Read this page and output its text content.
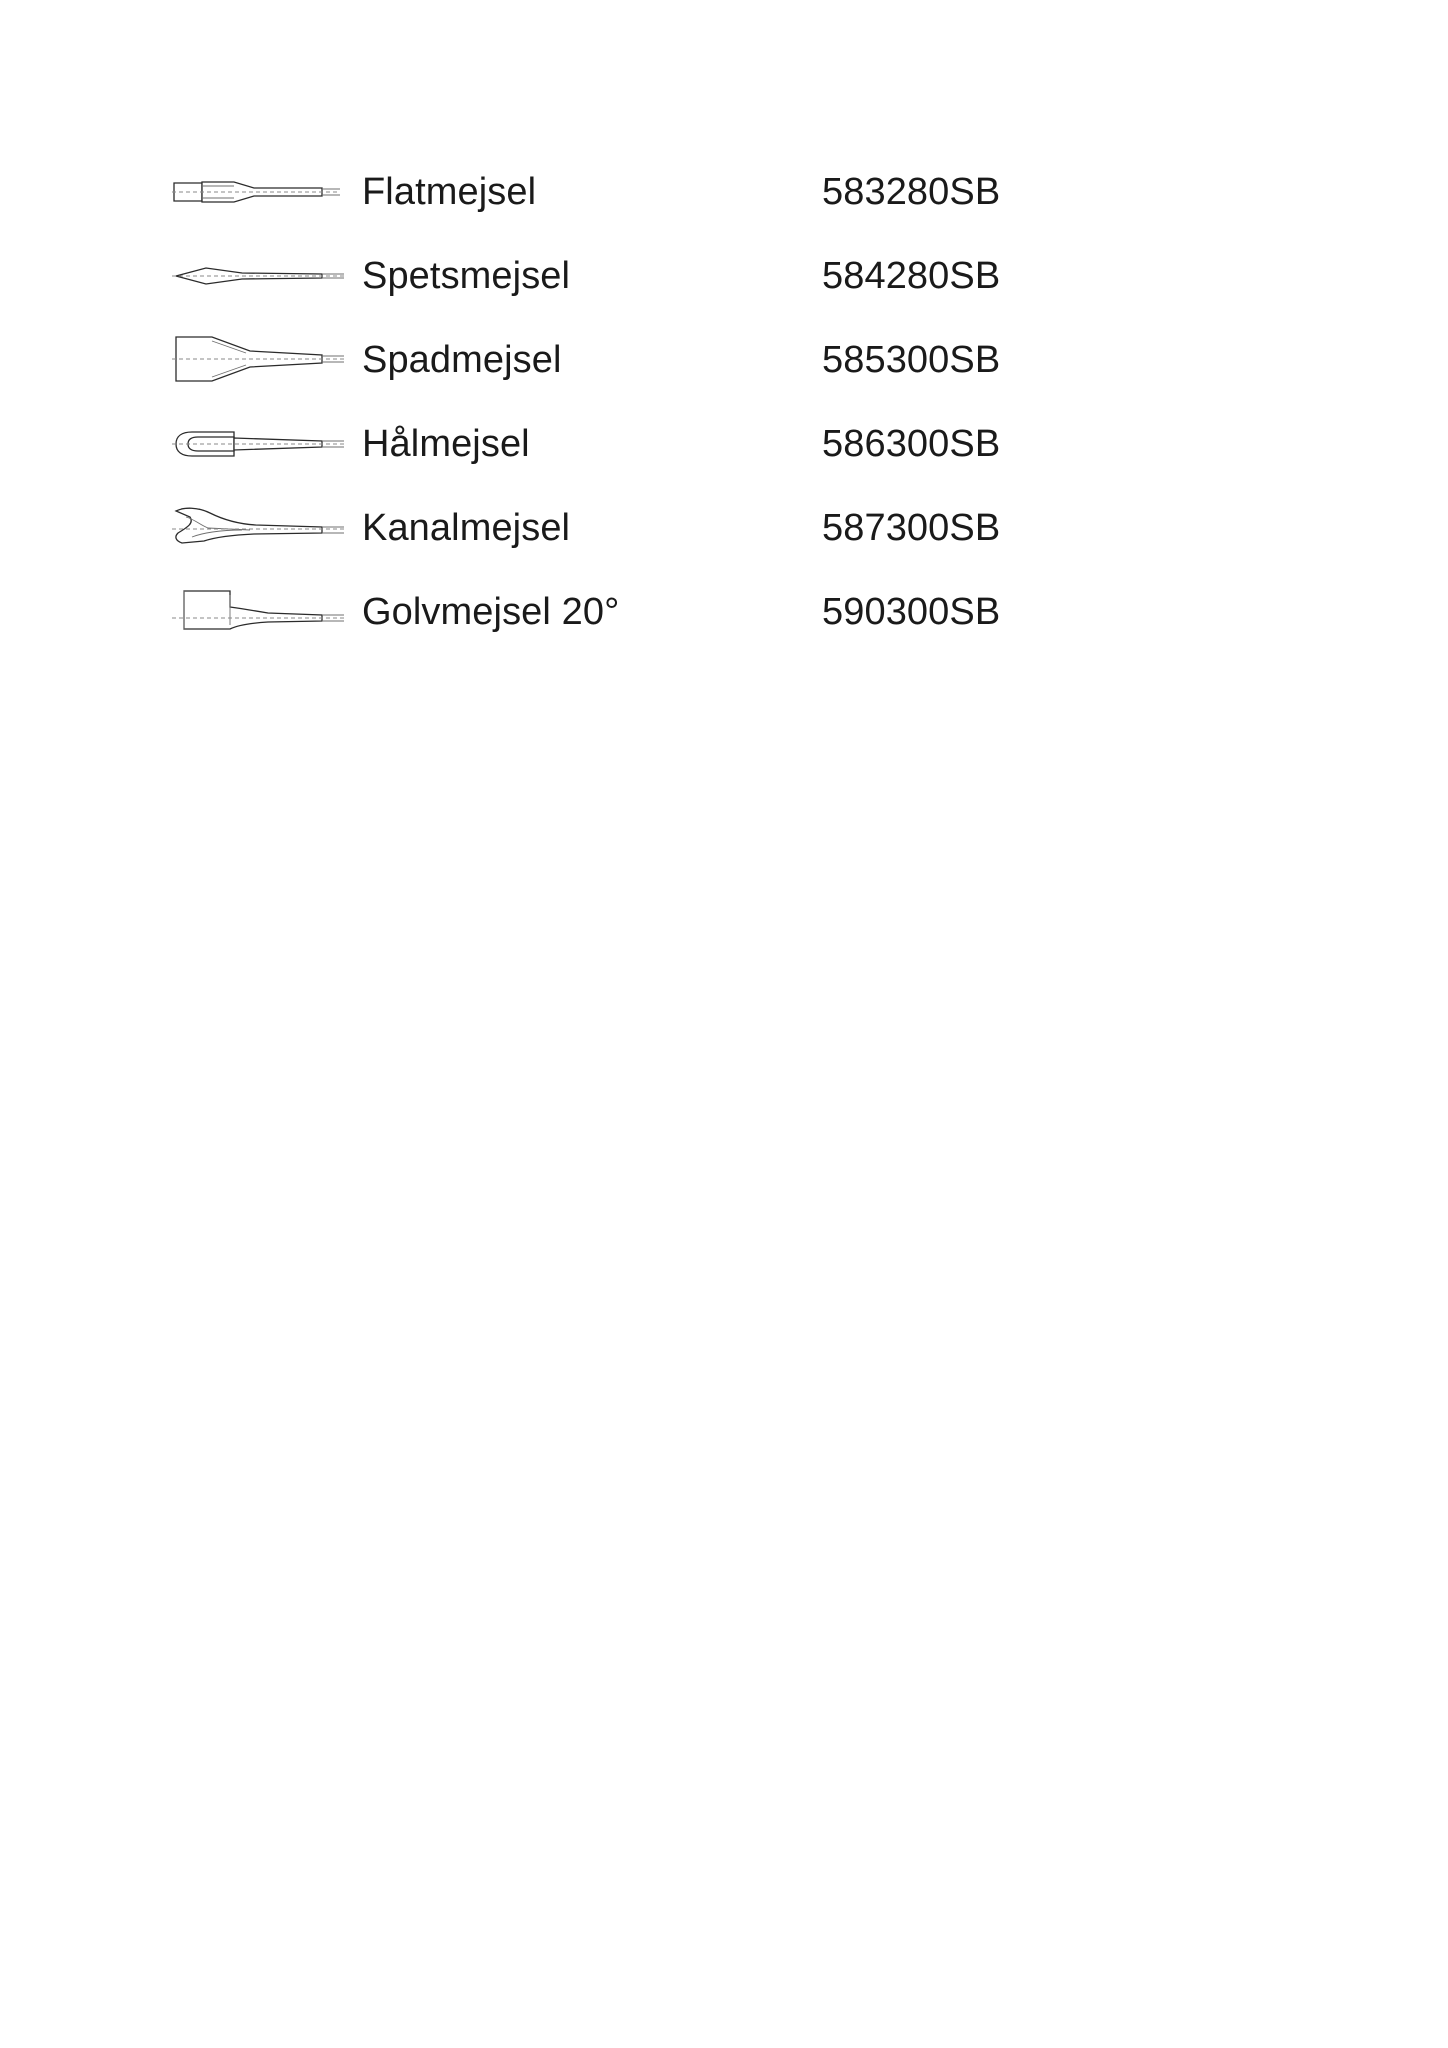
Flatmejsel	583280SB
Spetsmejsel	584280SB
Spadmejsel	585300SB
Hålmejsel	586300SB
Kanalmejsel	587300SB
Golvmejsel 20°	590300SB
